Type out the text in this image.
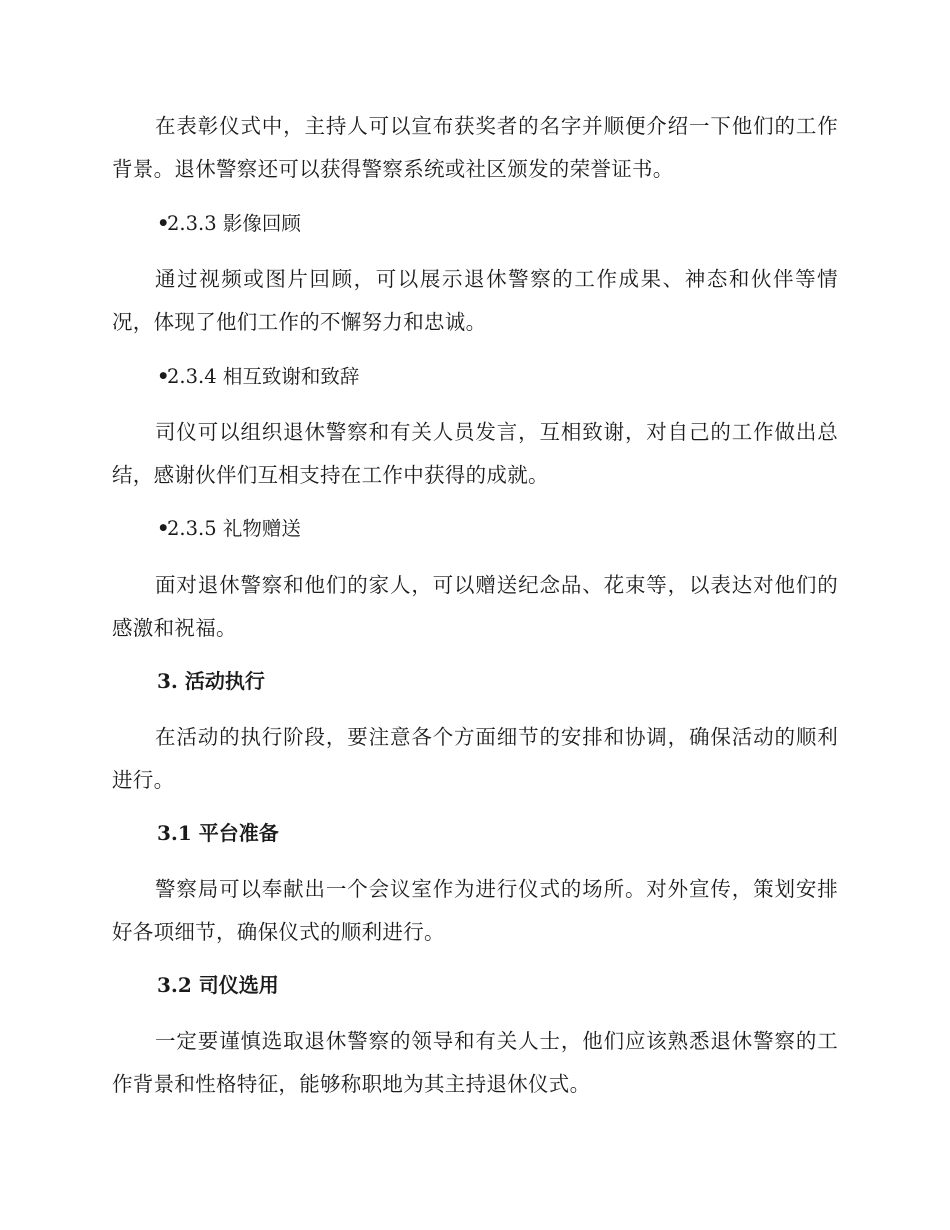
在表彰仪式中，主持人可以宣布获奖者的名字并顺便介绍一下他们的工作背景。退休警察还可以获得警察系统或社区颁发的荣誉证书。

•2.3.3 影像回顾

通过视频或图片回顾，可以展示退休警察的工作成果、神态和伙伴等情况，体现了他们工作的不懈努力和忠诚。

•2.3.4 相互致谢和致辞

司仪可以组织退休警察和有关人员发言，互相致谢，对自己的工作做出总结，感谢伙伴们互相支持在工作中获得的成就。

•2.3.5 礼物赠送

面对退休警察和他们的家人，可以赠送纪念品、花束等，以表达对他们的感激和祝福。

3. 活动执行

在活动的执行阶段，要注意各个方面细节的安排和协调，确保活动的顺利进行。

3.1 平台准备

警察局可以奉献出一个会议室作为进行仪式的场所。对外宣传，策划安排好各项细节，确保仪式的顺利进行。

3.2 司仪选用

一定要谨慎选取退休警察的领导和有关人士，他们应该熟悉退休警察的工作背景和性格特征，能够称职地为其主持退休仪式。
